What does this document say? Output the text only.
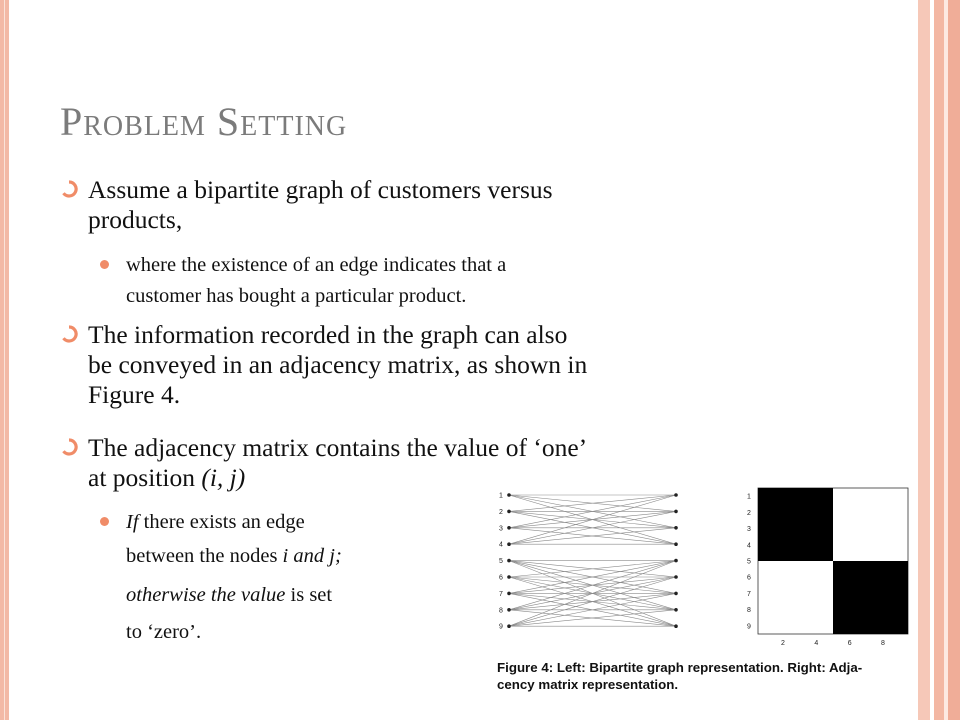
Problem Setting
Assume a bipartite graph of customers versus
products,
where the existence of an edge indicates that a
customer has bought a particular product.
The information recorded in the graph can also
be conveyed in an adjacency matrix, as shown in
Figure 4.
The adjacency matrix contains the value of ‘one’
at position (i, j)
If there exists an edge
between the nodes i and j;
otherwise the value is set
to ‘zero’.
1
2
3
4
5
6
7
8
9
1
2
3
4
5
6
7
8
9
2	4	6	8
Figure 4: Left: Bipartite graph representation. Right: Adja-
cency matrix representation.
